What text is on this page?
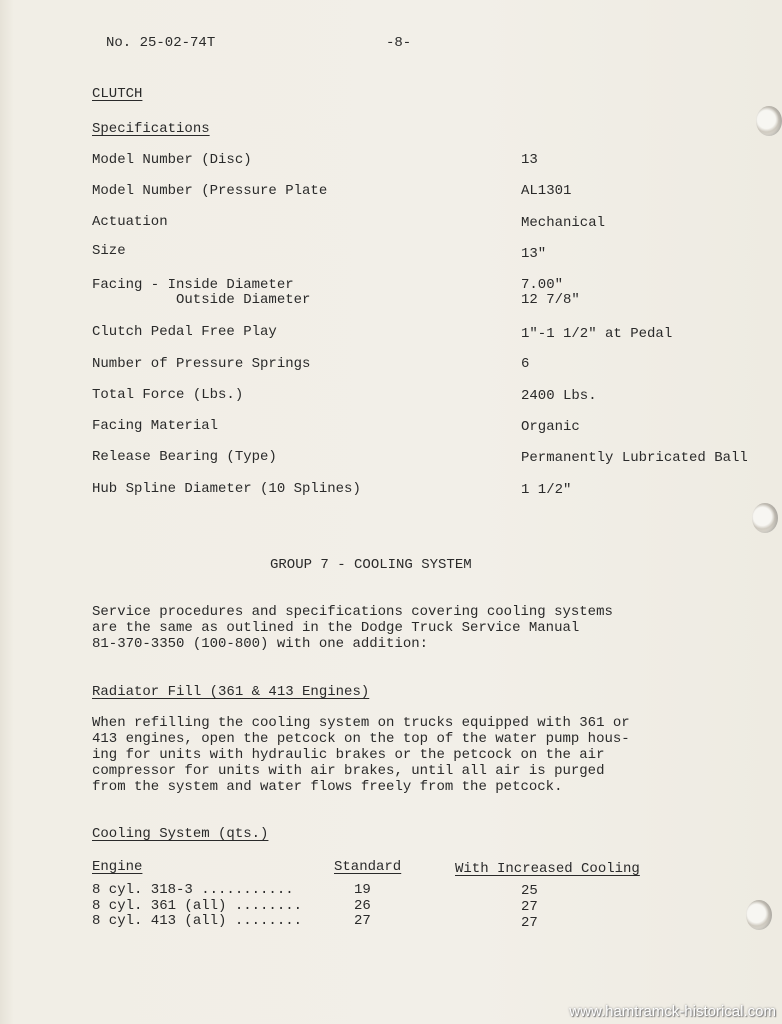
No. 25-02-74T	-8-
CLUTCH
Specifications
Model Number (Disc)	13
Model Number (Pressure Plate	AL1301
Actuation	Mechanical
Size	13"
Facing - Inside Diameter	7.00"
Outside Diameter	12 7/8"
Clutch Pedal Free Play	1"-1 1/2" at Pedal
Number of Pressure Springs	6
Total Force (Lbs.)	2400 Lbs.
Facing Material	Organic
Release Bearing (Type)	Permanently Lubricated Ball
Hub Spline Diameter (10 Splines)	1 1/2"
GROUP 7 - COOLING SYSTEM
Service procedures and specifications covering cooling systems
are the same as outlined in the Dodge Truck Service Manual
81-370-3350 (100-800) with one addition:
Radiator Fill (361 & 413 Engines)
When refilling the cooling system on trucks equipped with 361 or
413 engines, open the petcock on the top of the water pump hous-
ing for units with hydraulic brakes or the petcock on the air
compressor for units with air brakes, until all air is purged
from the system and water flows freely from the petcock.
Cooling System (qts.)
Engine	Standard	With Increased Cooling
8 cyl. 318-3 ...........	19	25
8 cyl. 361 (all) ........	26	27
8 cyl. 413 (all) ........	27	27
www.hamtramck-historical.com
